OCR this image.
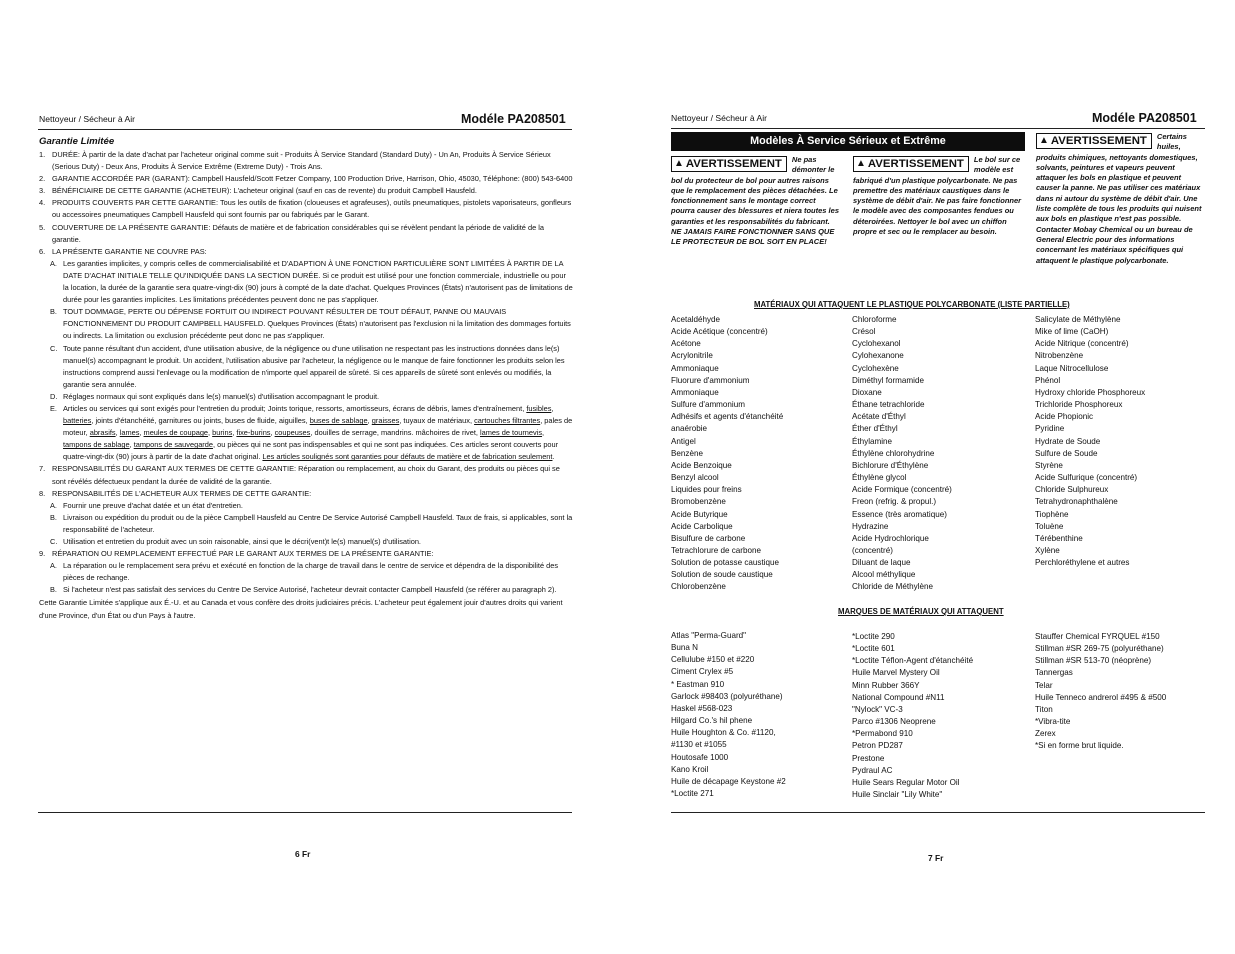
Nettoyeur / Sécheur à Air	Modéle PA208501
Garantie Limitée
1. DURÉE: À partir de la date d'achat par l'acheteur original comme suit - Produits À Service Standard (Standard Duty) - Un An, Produits À Service Sérieux (Serious Duty) - Deux Ans, Produits À Service Extrême (Extreme Duty) - Trois Ans.
2. GARANTIE ACCORDÉE PAR (GARANT): Campbell Hausfeld/Scott Fetzer Company, 100 Production Drive, Harrison, Ohio, 45030, Téléphone: (800) 543-6400
3. BÉNÉFICIAIRE DE CETTE GARANTIE (ACHETEUR): L'acheteur original (sauf en cas de revente) du produit Campbell Hausfeld.
4. PRODUITS COUVERTS PAR CETTE GARANTIE: Tous les outils de fixation (cloueuses et agrafeuses), outils pneumatiques, pistolets vaporisateurs, gonfleurs ou accessoires pneumatiques Campbell Hausfeld qui sont fournis par ou fabriqués par le Garant.
5. COUVERTURE DE LA PRÉSENTE GARANTIE: Défauts de matière et de fabrication considérables qui se révèlent pendant la période de validité de la garantie.
6. LA PRÉSENTE GARANTIE NE COUVRE PAS:
A. Les garanties implicites, y compris celles de commercialisabilité et D'ADAPTION À UNE FONCTION PARTICULIÈRE SONT LIMITÉES À PARTIR DE LA DATE D'ACHAT INITIALE TELLE QU'INDIQUÉE DANS LA SECTION DURÉE. Si ce produit est utilisé pour une fonction commerciale, industrielle ou pour la location, la durée de la garantie sera quatre-vingt-dix (90) jours à compté de la date d'achat. Quelques Provinces (États) n'autorisent pas de limitations de durée pour les garanties implicites. Les limitations précédentes peuvent donc ne pas s'appliquer.
B. TOUT DOMMAGE, PERTE OU DÉPENSE FORTUIT OU INDIRECT POUVANT RÉSULTER DE TOUT DÉFAUT, PANNE OU MAUVAIS FONCTIONNEMENT DU PRODUIT CAMPBELL HAUSFELD. Quelques Provinces (États) n'autorisent pas l'exclusion ni la limitation des dommages fortuits ou indirects. La limitation ou exclusion précédente peut donc ne pas s'appliquer.
C. Toute panne résultant d'un accident, d'une utilisation abusive, de la négligence ou d'une utilisation ne respectant pas les instructions données dans le(s) manuel(s) accompagnant le produit. Un accident, l'utilisation abusive par l'acheteur, la négligence ou le manque de faire fonctionner les produits selon les instructions comprend aussi l'enlevage ou la modification de n'importe quel appareil de sûreté. Si ces appareils de sûreté sont enlevés ou modifiés, la garantie sera annulée.
D. Réglages normaux qui sont expliqués dans le(s) manuel(s) d'utilisation accompagnant le produit.
E. Articles ou services qui sont exigés pour l'entretien du produit; Joints torique, ressorts, amortisseurs, écrans de débris, lames d'entraînement, fusibles, batteries, joints d'étanchéité, garnitures ou joints, buses de fluide, aiguilles, buses de sablage, graisses, tuyaux de matériaux, cartouches filtrantes, pales de moteur, abrasifs, lames, meules de coupage, burins, fixe-burins, coupeuses, douilles de serrage, mandrins. mâchoires de rivet, lames de tournevis, tampons de sablage, tampons de sauvegarde, ou pièces qui ne sont pas indispensables et qui ne sont pas indiquées. Ces articles seront couverts pour quatre-vingt-dix (90) jours à partir de la date d'achat original. Les articles soulignés sont garanties pour défauts de matière et de fabrication seulement.
7. RESPONSABILITÉS DU GARANT AUX TERMES DE CETTE GARANTIE: Réparation ou remplacement, au choix du Garant, des produits ou pièces qui se sont révélés défectueux pendant la durée de validité de la garantie.
8. RESPONSABILITÉS DE L'ACHETEUR AUX TERMES DE CETTE GARANTIE:
A. Fournir une preuve d'achat datée et un état d'entretien.
B. Livraison ou expédition du produit ou de la pièce Campbell Hausfeld au Centre De Service Autorisé Campbell Hausfeld. Taux de frais, si applicables, sont la responsabilité de l'acheteur.
C. Utilisation et entretien du produit avec un soin raisonable, ainsi que le décri(vent)t le(s) manuel(s) d'utilisation.
9. RÉPARATION OU REMPLACEMENT EFFECTUÉ PAR LE GARANT AUX TERMES DE LA PRÉSENTE GARANTIE:
A. La réparation ou le remplacement sera prévu et exécuté en fonction de la charge de travail dans le centre de service et dépendra de la disponibilité des pièces de rechange.
B. Si l'acheteur n'est pas satisfait des services du Centre De Service Autorisé, l'acheteur devrait contacter Campbell Hausfeld (se référer au paragraph 2).
Cette Garantie Limitée s'applique aux É.-U. et au Canada et vous confère des droits judiciaires précis. L'acheteur peut également jouir d'autres droits qui varient d'une Province, d'un État ou d'un Pays à l'autre.
6 Fr
Nettoyeur / Sécheur à Air	Modéle PA208501
Modèles À Service Sérieux et Extrême
▲ AVERTISSEMENT Ne pas démonter le bol du protecteur de bol pour autres raisons que le remplacement des pièces détachées. Le fonctionnement sans le montage correct pourra causer des blessures et niera toutes les garanties et les responsabilités du fabricant. NE JAMAIS FAIRE FONCTIONNER SANS QUE LE PROTECTEUR DE BOL SOIT EN PLACE!
▲ AVERTISSEMENT Le bol sur ce modèle est fabriqué d'un plastique polycarbonate. Ne pas premettre des matériaux caustiques dans le système de débit d'air. Ne pas faire fonctionner le modèle avec des composantes fendues ou déteroirées. Nettoyer le bol avec un chiffon propre et sec ou le remplacer au besoin.
▲ AVERTISSEMENT Certains huiles, produits chimiques, nettoyants domestiques, solvants, peintures et vapeurs peuvent attaquer les bols en plastique et peuvent causer la panne. Ne pas utiliser ces matériaux dans ni autour du système de débit d'air. Une liste complète de tous les produits qui nuisent aux bols en plastique n'est pas possible. Contacter Mobay Chemical ou un bureau de General Electric pour des informations concernant les matériaux spécifiques qui attaquent le plastique polycarbonate.
MATÉRIAUX QUI ATTAQUENT LE PLASTIQUE POLYCARBONATE (LISTE PARTIELLE)
Acetaldéhyde
Acide Acétique (concentré)
Acétone
Acrylonitrile
Ammoniaque
Fluorure d'ammonium
Ammoniaque
Sulfure d'ammonium
Adhésifs et agents d'étanchéité
anaérobie
Antigel
Benzène
Acide Benzoique
Benzyl alcool
Liquides pour freins
Bromobenzène
Acide Butyrique
Acide Carbolique
Bisulfure de carbone
Tetrachlorure de carbone
Solution de potasse caustique
Solution de soude caustique
Chlorobenzène
Chloroforme
Crésol
Cyclohexanol
Cylohexanone
Cyclohexène
Diméthyl formamide
Dioxane
Éthane tetrachloride
Acétate d'Éthyl
Éther d'Éthyl
Éthylamine
Éthylène chlorohydrine
Bichlorure d'Éthylène
Éthylène glycol
Acide Formique (concentré)
Freon (refrig. & propul.)
Essence (très aromatique)
Hydrazine
Acide Hydrochlorique
(concentré)
Diluant de laque
Alcool méthylique
Chloride de Méthylène
Salicylate de Méthylène
Mike of lime (CaOH)
Acide Nitrique (concentré)
Nitrobenzène
Laque Nitrocellulose
Phénol
Hydroxy chloride Phosphoreux
Trichloride Phosphoreux
Acide Phopionic
Pyridine
Hydrate de Soude
Sulfure de Soude
Styrène
Acide Sulfurique (concentré)
Chloride Sulphureux
Tetrahydronaphthalène
Tiophène
Toluène
Térébenthine
Xylène
Perchloréthylene et autres
MARQUES DE MATÉRIAUX QUI ATTAQUENT
Atlas "Perma-Guard"
Buna N
Cellulube #150 et #220
Ciment Crylex #5
* Eastman 910
Garlock #98403 (polyuréthane)
Haskel #568-023
Hilgard Co.'s hil phene
Huile Houghton & Co. #1120,
#1130 et #1055
Houtosafe 1000
Kano Kroil
Huile de décapage Keystone #2
*Loctite 271
*Loctite 290
*Loctite 601
*Loctite Téflon-Agent d'étanchéité
Huile Marvel Mystery Oil
Minn Rubber 366Y
National Compound #N11
"Nylock" VC-3
Parco #1306 Neoprene
*Permabond 910
Petron PD287
Prestone
Pydraul AC
Huile Sears Regular Motor Oil
Huile Sinclair "Lily White"
Stauffer Chemical FYRQUEL #150
Stillman #SR 269-75 (polyuréthane)
Stillman #SR 513-70 (néoprène)
Tannergas
Telar
Huile Tenneco andrerol #495 & #500
Titon
*Vibra-tite
Zerex
*Si en forme brut liquide.
7 Fr
